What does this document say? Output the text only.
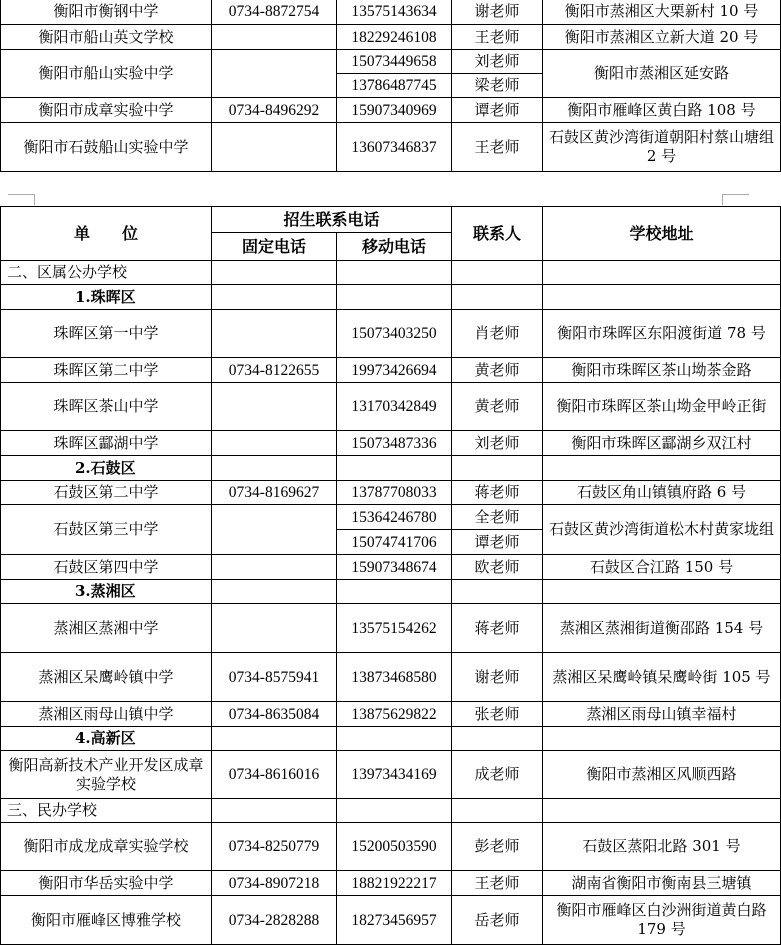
衡阳市衡钢中学	0734-8872754	13575143634	谢老师	衡阳市蒸湘区大栗新村 10 号
衡阳市船山英文学校		18229246108	王老师	衡阳市蒸湘区立新大道 20 号
衡阳市船山实验中学		15073449658	刘老师	衡阳市蒸湘区延安路
		13786487745	梁老师	
衡阳市成章实验中学	0734-8496292	15907340969	谭老师	衡阳市雁峰区黄白路 108 号
衡阳市石鼓船山实验中学		13607346837	王老师	石鼓区黄沙湾街道朝阳村蔡山塘组 2 号
单　　位	招生联系电话		联系人	学校地址
	固定电话	移动电话		
二、区属公办学校				
1.珠晖区				
珠晖区第一中学		15073403250	肖老师	衡阳市珠晖区东阳渡街道 78 号
珠晖区第二中学	0734-8122655	19973426694	黄老师	衡阳市珠晖区茶山坳茶金路
珠晖区茶山中学		13170342849	黄老师	衡阳市珠晖区茶山坳金甲岭正街
珠晖区酃湖中学		15073487336	刘老师	衡阳市珠晖区酃湖乡双江村
2.石鼓区				
石鼓区第二中学	0734-8169627	13787708033	蒋老师	石鼓区角山镇镇府路 6 号
石鼓区第三中学		15364246780	全老师	石鼓区黄沙湾街道松木村黄家垅组
		15074741706	谭老师	
石鼓区第四中学		15907348674	欧老师	石鼓区合江路 150 号
3.蒸湘区				
蒸湘区蒸湘中学		13575154262	蒋老师	蒸湘区蒸湘街道衡邵路 154 号
蒸湘区呆鹰岭镇中学	0734-8575941	13873468580	谢老师	蒸湘区呆鹰岭镇呆鹰岭街 105 号
蒸湘区雨母山镇中学	0734-8635084	13875629822	张老师	蒸湘区雨母山镇幸福村
4.高新区				
衡阳高新技术产业开发区成章实验学校	0734-8616016	13973434169	成老师	衡阳市蒸湘区风顺西路
三、民办学校				
衡阳市成龙成章实验学校	0734-8250779	15200503590	彭老师	石鼓区蒸阳北路 301 号
衡阳市华岳实验中学	0734-8907218	18821922217	王老师	湖南省衡阳市衡南县三塘镇
衡阳市雁峰区博雅学校	0734-2828288	18273456957	岳老师	衡阳市雁峰区白沙洲街道黄白路 179 号
